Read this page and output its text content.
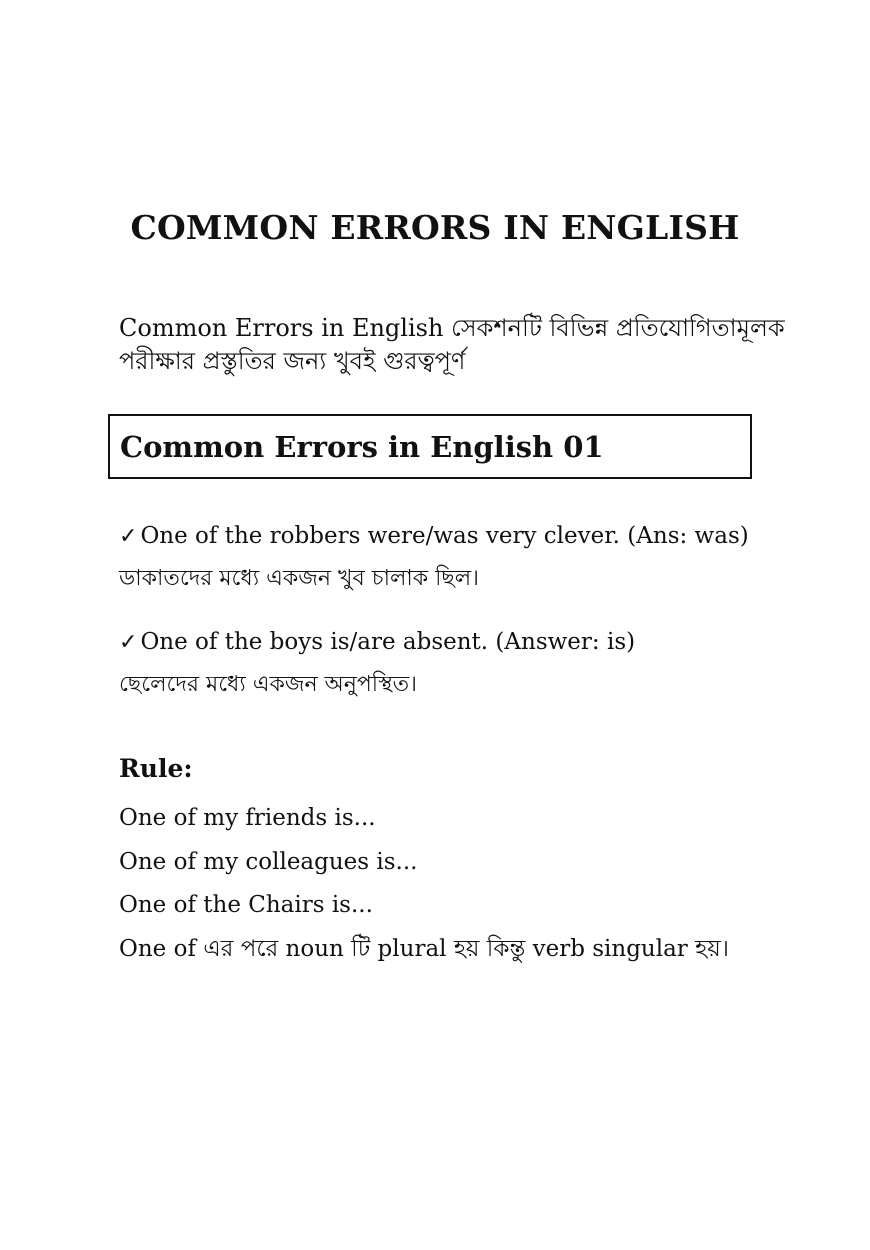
COMMON ERRORS IN ENGLISH

Common Errors in English সেকশনটি বিভিন্ন প্রতিযোগিতামূলক পরীক্ষার প্রস্তুতির জন্য খুবই গুরত্বপূর্ণ

Common Errors in English 01
✓ One of the robbers were/was very clever. (Ans: was)
ডাকাতদের মধ্যে একজন খুব চালাক ছিল।
✓ One of the boys is/are absent. (Answer: is)
ছেলেদের মধ্যে একজন অনুপস্থিত।
Rule:
One of my friends is...
One of my colleagues is...
One of the Chairs is...
One of এর পরে noun টি plural হয় কিন্তু verb singular হয়।
